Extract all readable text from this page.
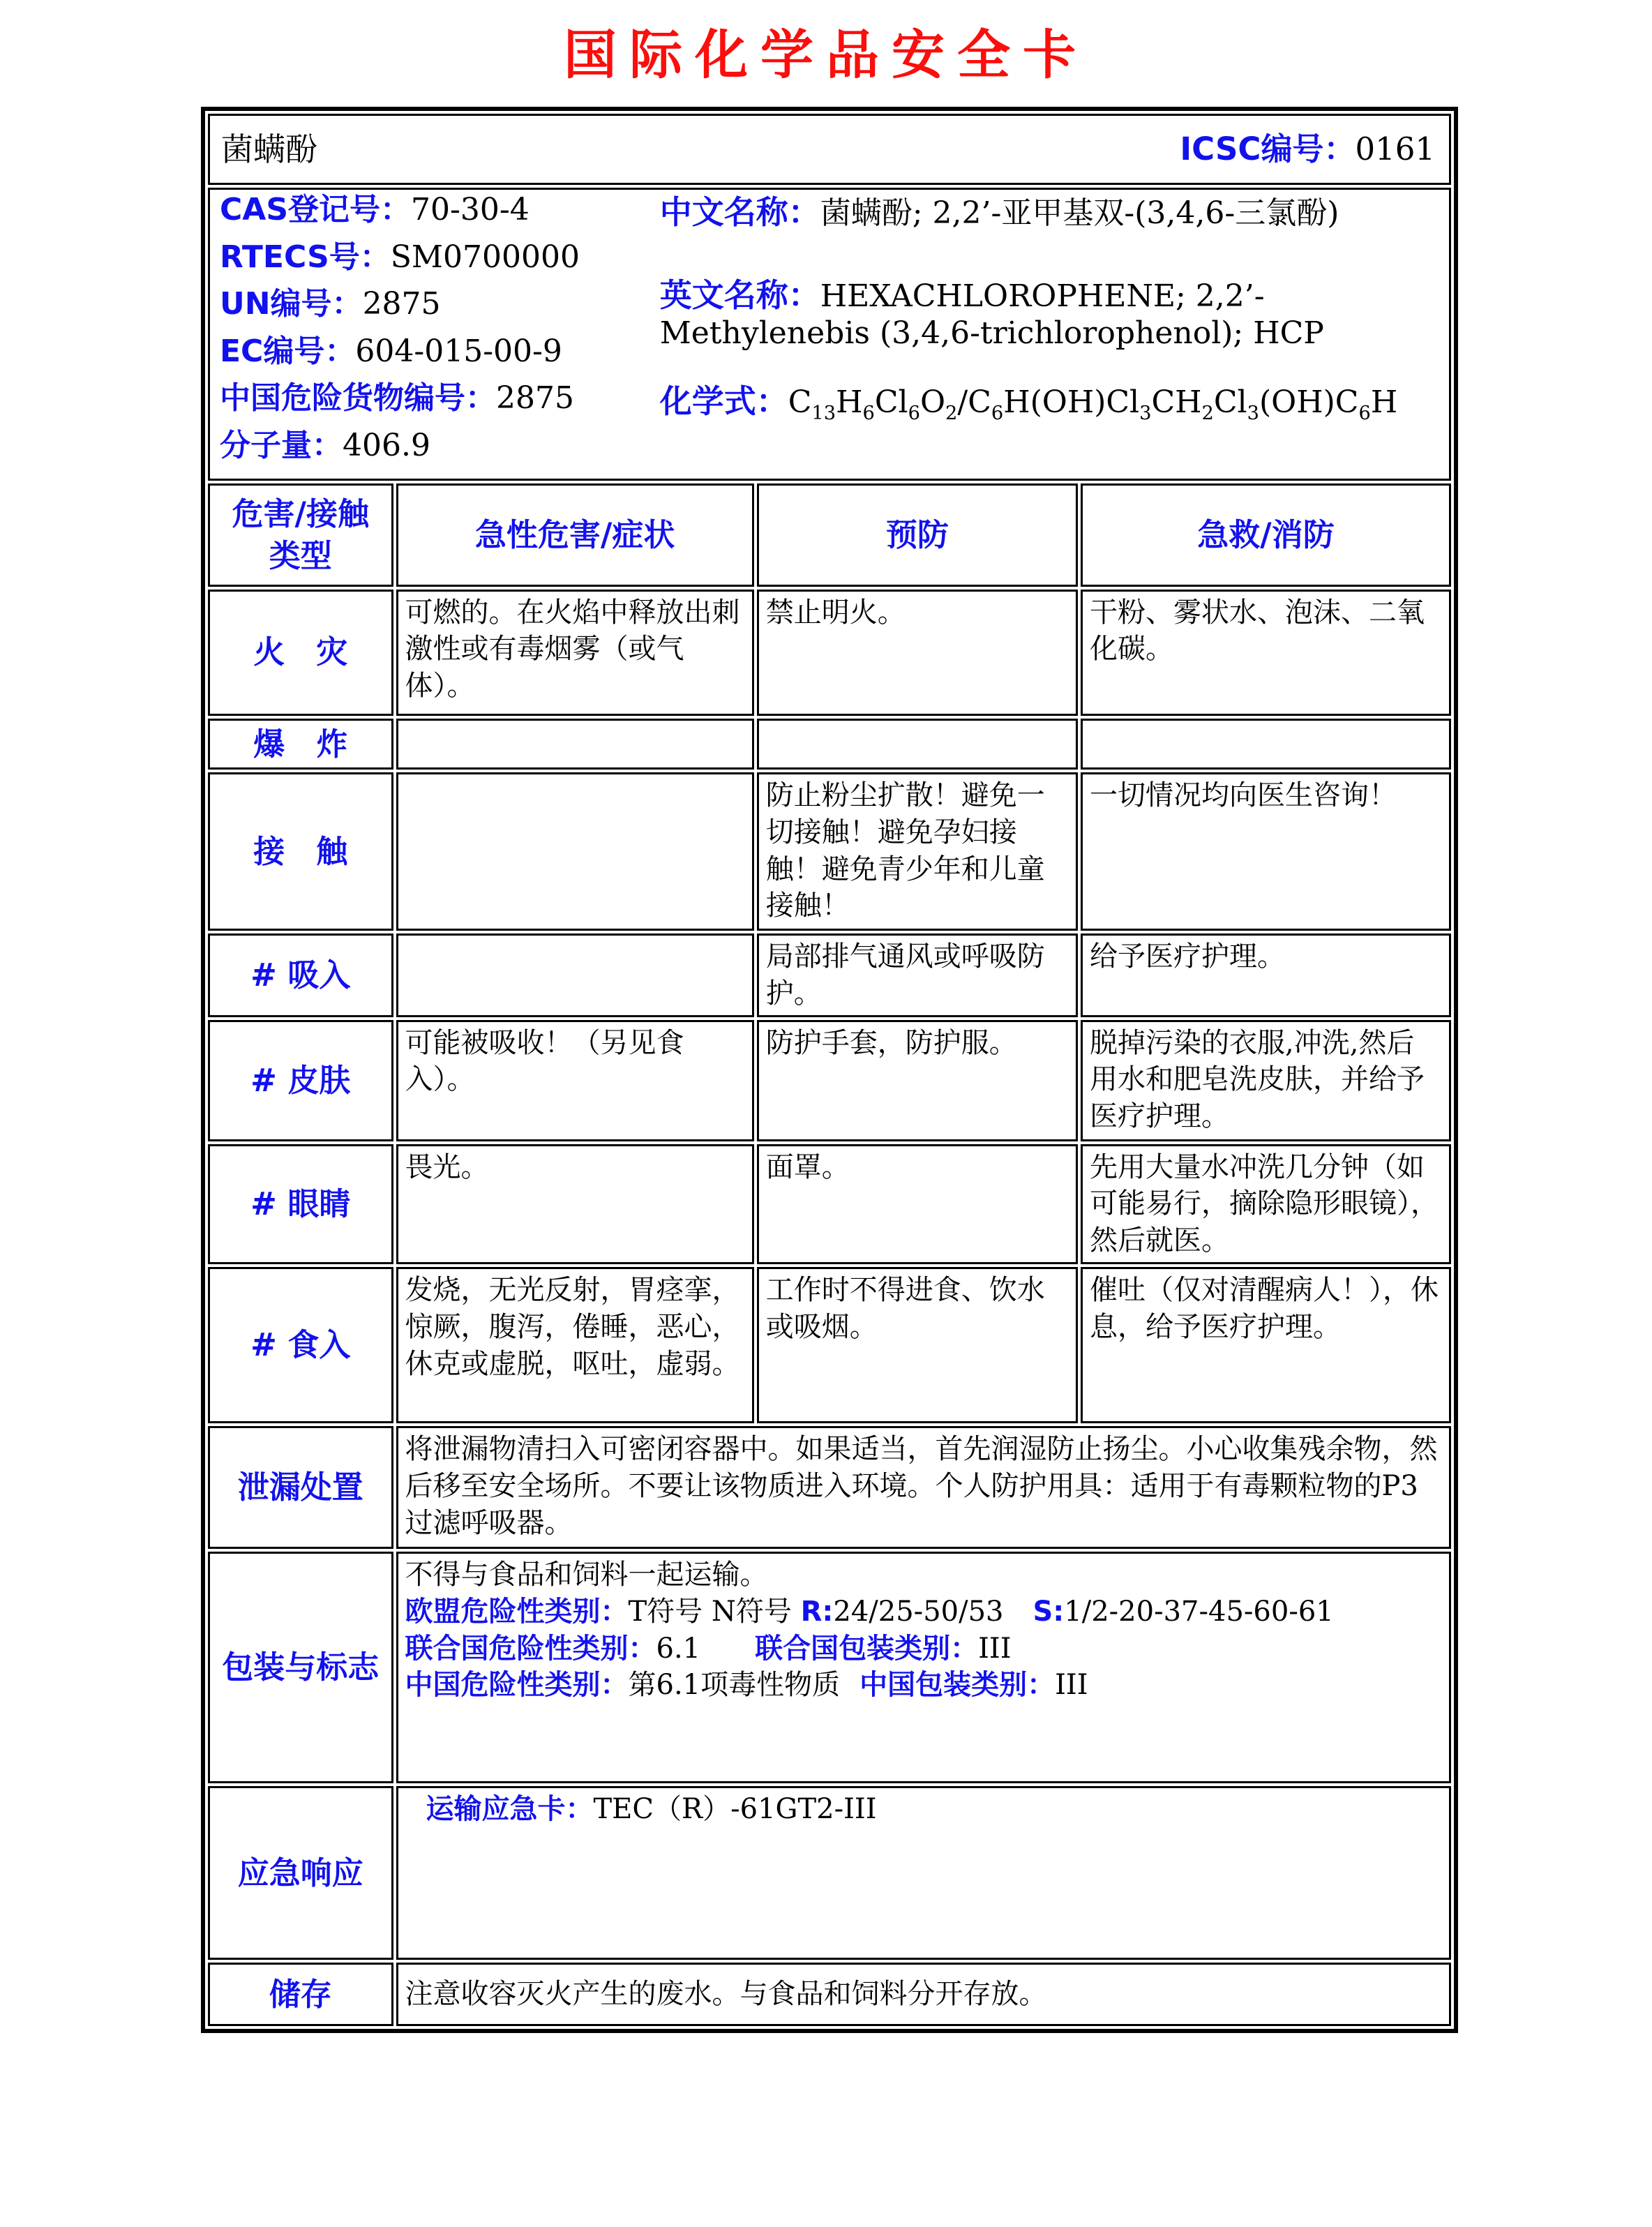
国际化学品安全卡
菌螨酚 ICSC编号：0161			

CAS登记号：70-30-4

RTECS号：SM0700000

UN编号：2875

EC编号：604-015-00-9

中国危险货物编号：2875

分子量：406.9

中文名称：菌螨酚; 2,2’-亚甲基双-(3,4,6-三氯酚)

英文名称：HEXACHLOROPHENE; 2,2’-Methylenebis (3,4,6-trichlorophenol); HCP

化学式：$C_{13}H_6Cl_6O_2/C_6H(OH)Cl_3CH_2Cl_3(OH)C_6H$

危害/接触类型	急性危害/症状	预防	急救/消防
火　灾	可燃的。在火焰中释放出刺激性或有毒烟雾（或气体）。	禁止明火。	干粉、雾状水、泡沫、二氧化碳。
爆　炸			
接　触		防止粉尘扩散！避免一切接触！避免孕妇接触！避免青少年和儿童接触！	一切情况均向医生咨询！
# 吸入		局部排气通风或呼吸防护。	给予医疗护理。
# 皮肤	可能被吸收！（另见食入）。	防护手套，防护服。	脱掉污染的衣服,冲洗,然后用水和肥皂洗皮肤，并给予医疗护理。
# 眼睛	畏光。	面罩。	先用大量水冲洗几分钟（如可能易行，摘除隐形眼镜），然后就医。
# 食入	发烧，无光反射，胃痉挛，惊厥，腹泻，倦睡，恶心，休克或虚脱，呕吐，虚弱。	工作时不得进食、饮水或吸烟。	催吐（仅对清醒病人！），休息，给予医疗护理。
泄漏处置	将泄漏物清扫入可密闭容器中。如果适当，首先润湿防止扬尘。小心收集残余物，然后移至安全场所。不要让该物质进入环境。个人防护用具：适用于有毒颗粒物的P3过滤呼吸器。		
包装与标志	不得与食品和饲料一起运输。

欧盟危险性类别：T符号 N符号 R:24/25-50/53 S:1/2-20-37-45-60-61

联合国危险性类别：6.1 联合国包装类别：III

中国危险性类别：第6.1项毒性物质 中国包装类别：III		

应急响应	运输应急卡：TEC（R）-61GT2-III		

储存	注意收容灭火产生的废水。与食品和饲料分开存放。		
